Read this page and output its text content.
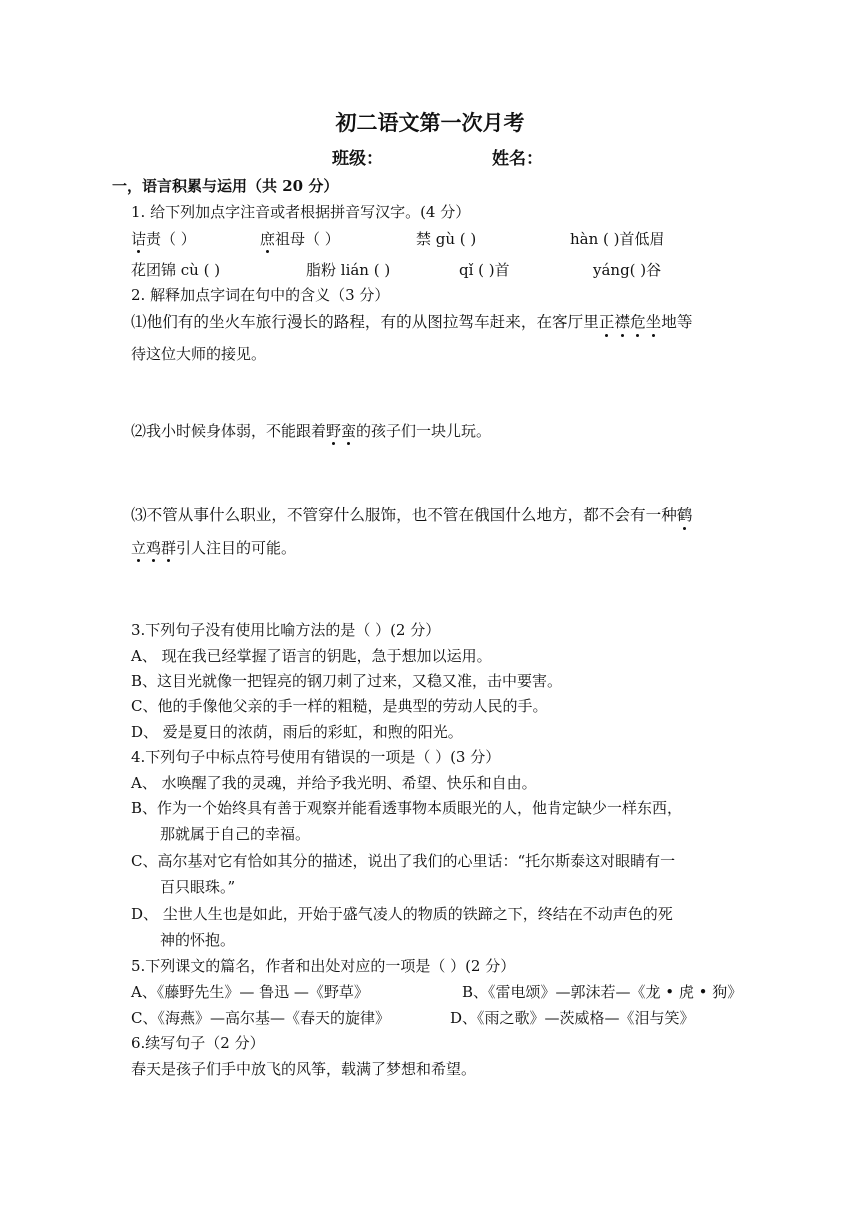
初二语文第一次月考
班级：	姓名：
一，语言积累与运用（共 20 分）
1. 给下列加点字注音或者根据拼音写汉字。(4 分）
诘责（ ）	庶祖母（ ）	禁 gù ( )	hàn ( )首低眉
花团锦 cù ( )	脂粉 lián ( )	qǐ ( )首	yáng( )谷
2. 解释加点字词在句中的含义（3 分）
⑴他们有的坐火车旅行漫长的路程，有的从图拉驾车赶来，在客厅里正襟危坐地等
待这位大师的接见。
⑵我小时候身体弱，不能跟着野蛮的孩子们一块儿玩。
⑶不管从事什么职业，不管穿什么服饰，也不管在俄国什么地方，都不会有一种鹤
立鸡群引人注目的可能。
3.下列句子没有使用比喻方法的是（ ）(2 分）
A、 现在我已经掌握了语言的钥匙，急于想加以运用。
B、这目光就像一把锃亮的钢刀刺了过来，又稳又准，击中要害。
C、他的手像他父亲的手一样的粗糙，是典型的劳动人民的手。
D、 爱是夏日的浓荫，雨后的彩虹，和煦的阳光。
4.下列句子中标点符号使用有错误的一项是（ ）(3 分）
A、 水唤醒了我的灵魂，并给予我光明、希望、快乐和自由。
B、作为一个始终具有善于观察并能看透事物本质眼光的人，他肯定缺少一样东西，
那就属于自己的幸福。
C、高尔基对它有恰如其分的描述，说出了我们的心里话：“托尔斯泰这对眼睛有一
百只眼珠。”
D、 尘世人生也是如此，开始于盛气凌人的物质的铁蹄之下，终结在不动声色的死
神的怀抱。
5.下列课文的篇名，作者和出处对应的一项是（ ）(2 分）
A、《藤野先生》— 鲁迅 —《野草》	B、《雷电颂》—郭沫若—《龙 • 虎 • 狗》
C、《海燕》—高尔基—《春天的旋律》	D、《雨之歌》—茨威格—《泪与笑》
6.续写句子（2 分）
春天是孩子们手中放飞的风筝，载满了梦想和希望。
